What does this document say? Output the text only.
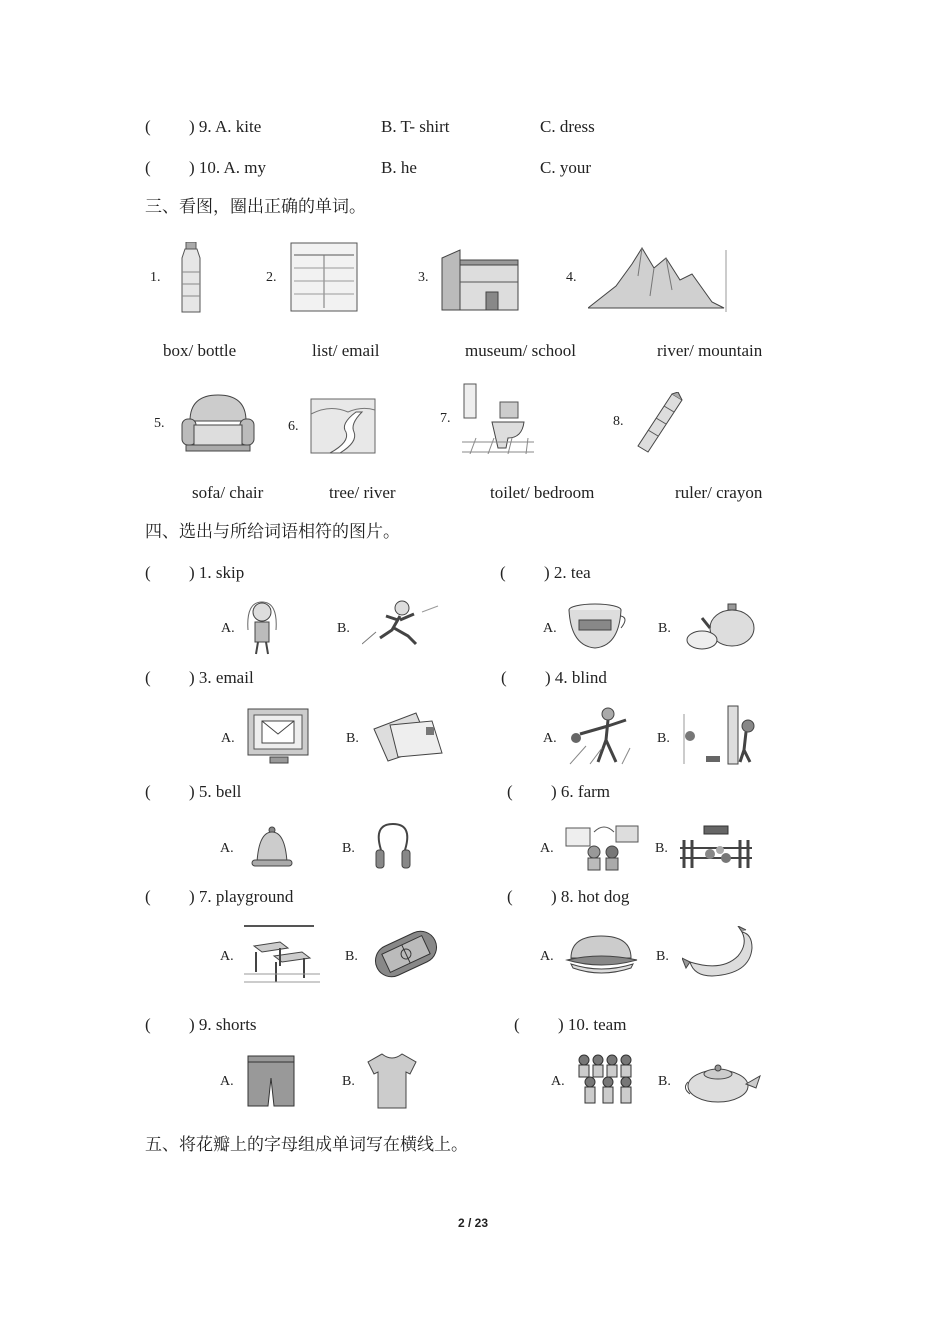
( ) 9. A. kite	B. T- shirt	C. dress
( ) 10. A. my	B. he	C. your
三、看图，圈出正确的单词。
1.	2.	3.	4.
box/ bottle	list/ email	museum/ school	river/ mountain
5.	6.
7.	8.
sofa/ chair	tree/ river	toilet/ bedroom	ruler/ crayon
四、选出与所给词语相符的图片。
( ) 1. skip
A.	B.
( ) 2. tea
A.	B.
( ) 3. email
A.	B.
( ) 4. blind
A.	B.
( ) 5. bell
A.	B.
( ) 6. farm
A.	B.
( ) 7. playground
A.	B.
( ) 8. hot dog
A.	B.
( ) 9. shorts
A.	B.
( ) 10. team
A.	B.
五、将花瓣上的字母组成单词写在横线上。
2 / 23
